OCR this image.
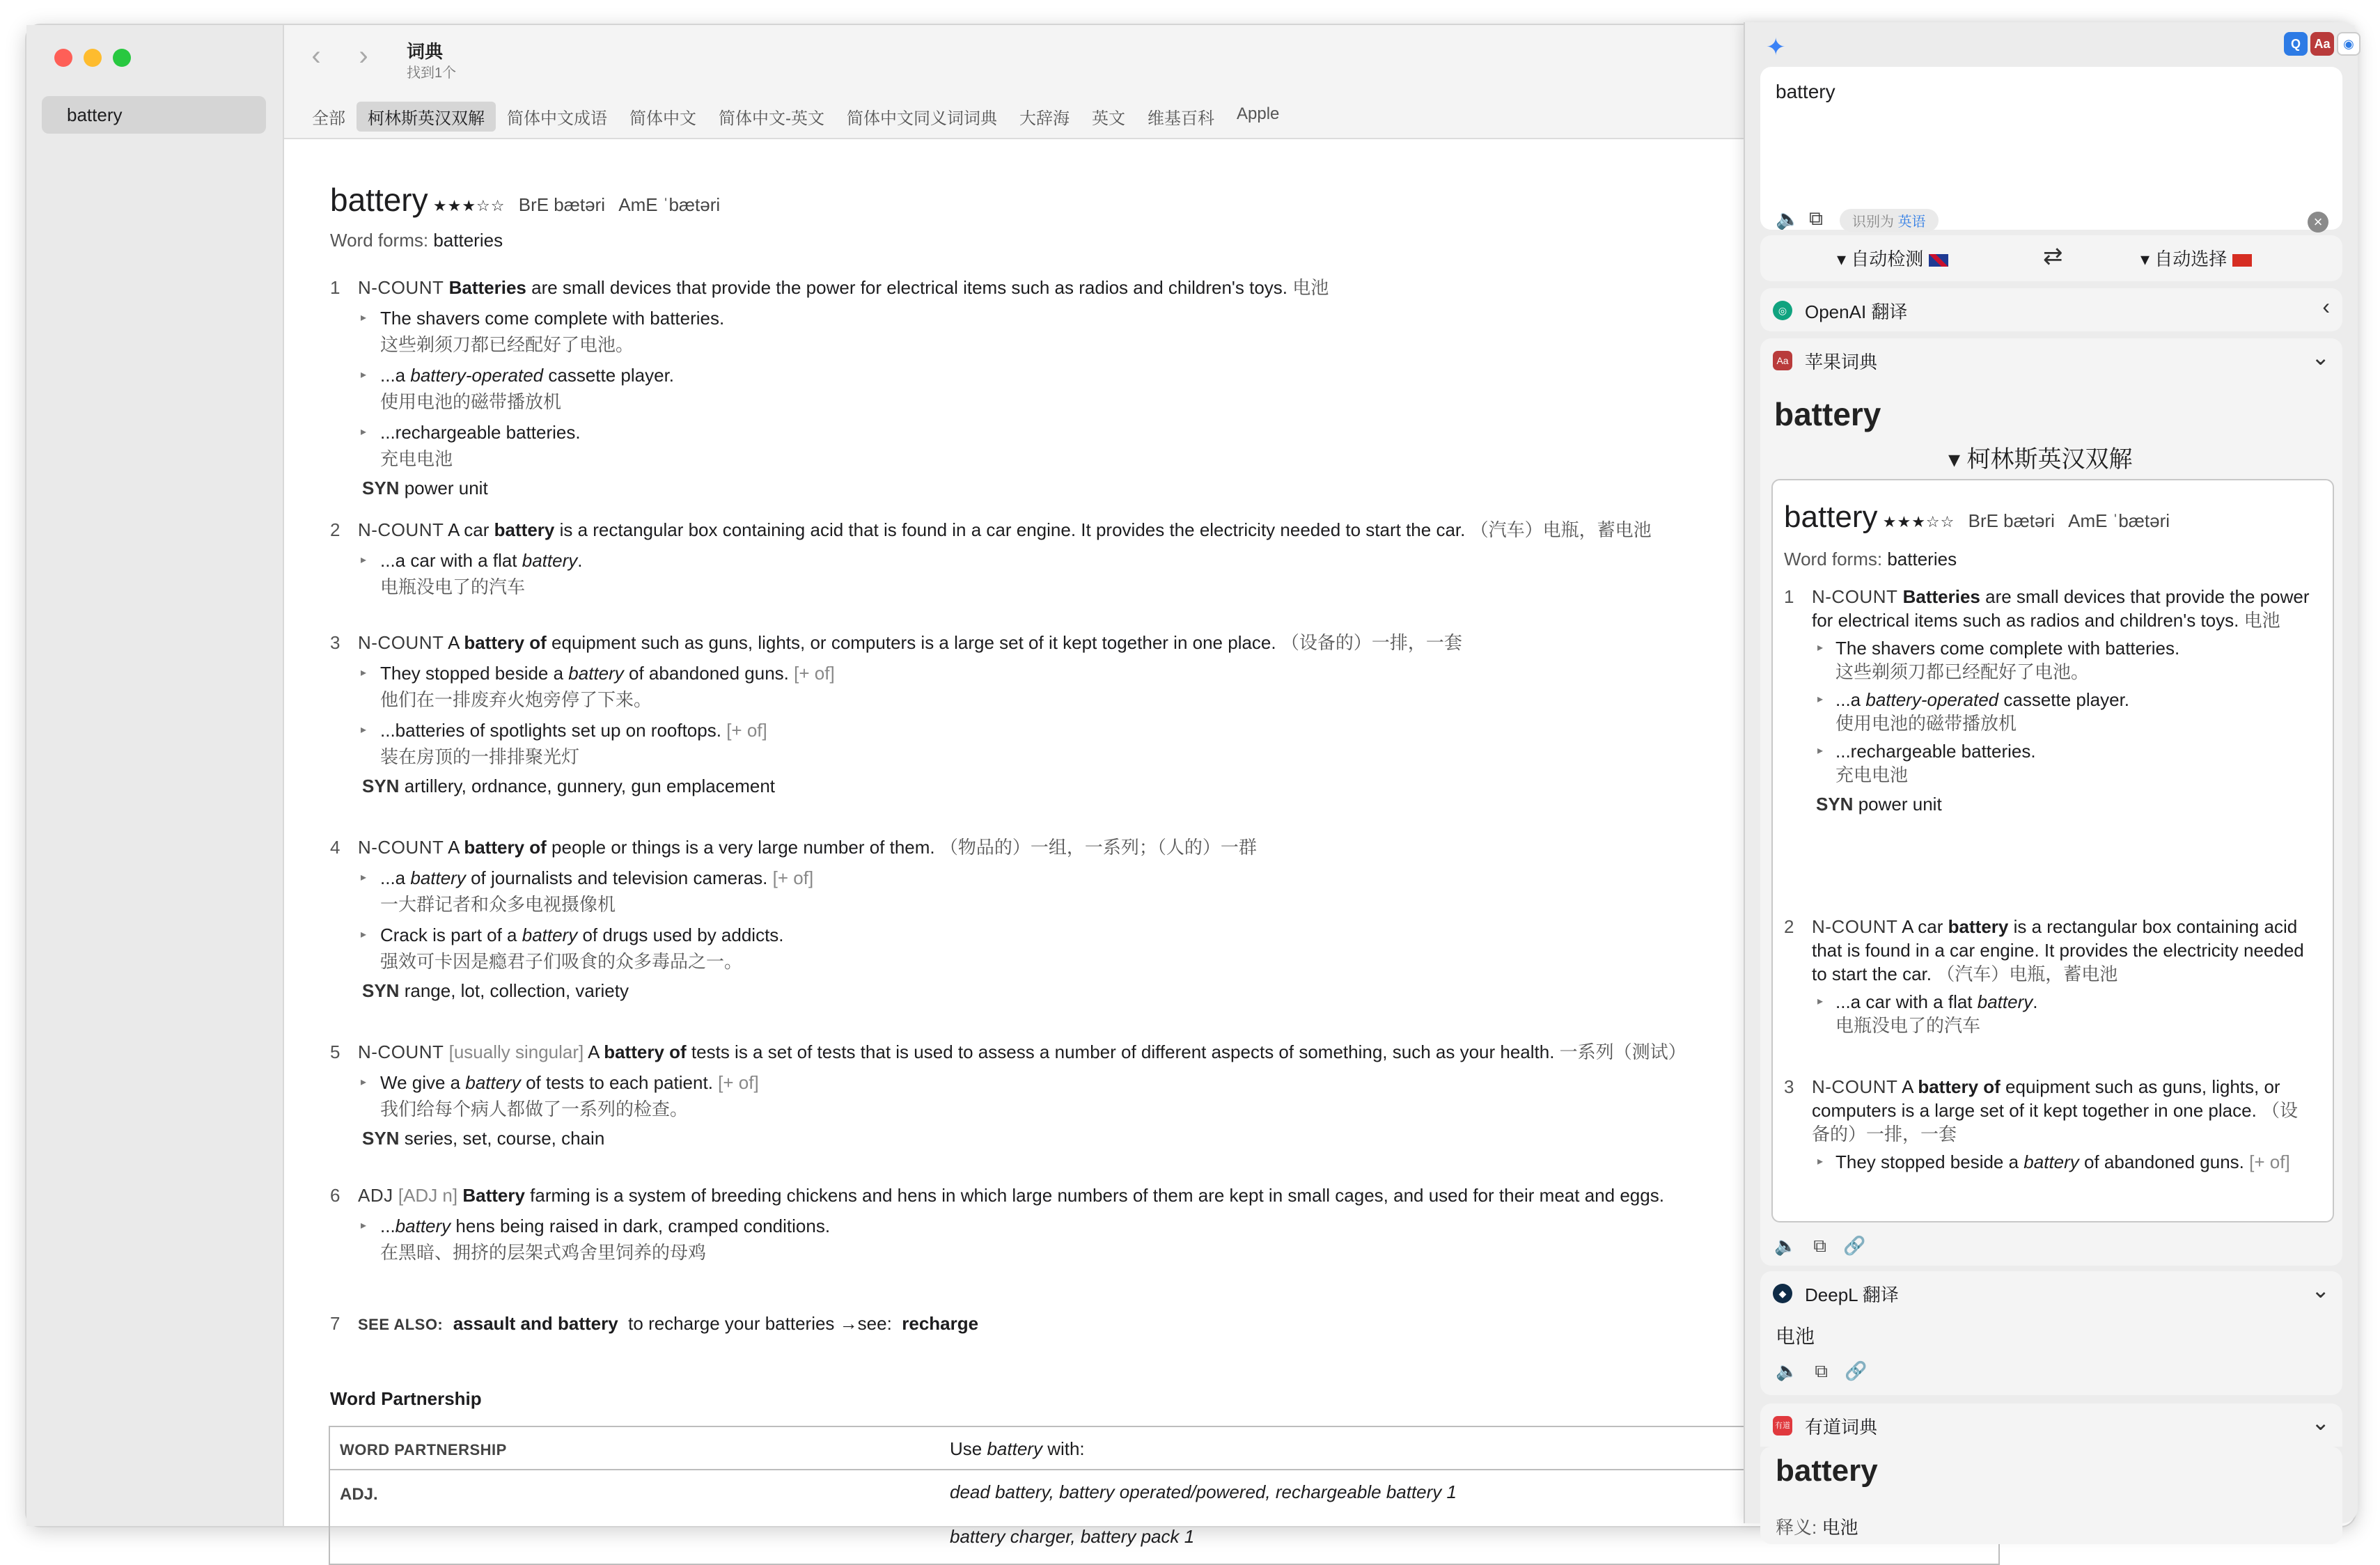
battery
‹	›	词典
找到1个
全部	柯林斯英汉双解	简体中文成语	简体中文	简体中文-英文	简体中文同义词词典	大辞海	英文	维基百科	Apple
battery ★★★☆☆ BrE bætəri AmE ˈbætəri
Word forms: batteries
1 N-COUNT Batteries are small devices that provide the power for electrical items such as radios and children's toys. 电池
▸ The shavers come complete with batteries.
这些剃须刀都已经配好了电池。
▸ ...a battery-operated cassette player.
使用电池的磁带播放机
▸ ...rechargeable batteries.
充电电池
SYN power unit
2 N-COUNT A car battery is a rectangular box containing acid that is found in a car engine. It provides the electricity needed to start the car. （汽车）电瓶，蓄电池
▸ ...a car with a flat battery.
电瓶没电了的汽车
3 N-COUNT A battery of equipment such as guns, lights, or computers is a large set of it kept together in one place. （设备的）一排，一套
▸ They stopped beside a battery of abandoned guns. [+ of]
他们在一排废弃火炮旁停了下来。
▸ ...batteries of spotlights set up on rooftops. [+ of]
装在房顶的一排排聚光灯
SYN artillery, ordnance, gunnery, gun emplacement
4 N-COUNT A battery of people or things is a very large number of them. （物品的）一组，一系列；（人的）一群
▸ ...a battery of journalists and television cameras. [+ of]
一大群记者和众多电视摄像机
▸ Crack is part of a battery of drugs used by addicts.
强效可卡因是瘾君子们吸食的众多毒品之一。
SYN range, lot, collection, variety
5 N-COUNT [usually singular] A battery of tests is a set of tests that is used to assess a number of different aspects of something, such as your health. 一系列（测试）
▸ We give a battery of tests to each patient. [+ of]
我们给每个病人都做了一系列的检查。
SYN series, set, course, chain
6 ADJ [ADJ n] Battery farming is a system of breeding chickens and hens in which large numbers of them are kept in small cages, and used for their meat and eggs.
▸ ...battery hens being raised in dark, cramped conditions.
在黑暗、拥挤的层架式鸡舍里饲养的母鸡
7 SEE ALSO: assault and battery to recharge your batteries →see: recharge
Word Partnership
WORD PARTNERSHIP	Use battery with:
ADJ.	dead battery, battery operated/powered, rechargeable battery 1
battery charger, battery pack 1
✦	Q	Aa	◉
battery
🔈 ⧉	识别为 英语	×
▾ 自动检测	⇄	▾ 自动选择
◎ OpenAI 翻译	‹
Aa 苹果词典	⌄
battery
▾ 柯林斯英汉双解
battery ★★★☆☆ BrE bætəri AmE ˈbætəri
Word forms: batteries
1 N-COUNT Batteries are small devices that provide the power for electrical items such as radios and children's toys. 电池
▸ The shavers come complete with batteries.
这些剃须刀都已经配好了电池。
▸ ...a battery-operated cassette player.
使用电池的磁带播放机
▸ ...rechargeable batteries.
充电电池
SYN power unit
2 N-COUNT A car battery is a rectangular box containing acid that is found in a car engine. It provides the electricity needed to start the car. （汽车）电瓶，蓄电池
▸ ...a car with a flat battery.
电瓶没电了的汽车
3 N-COUNT A battery of equipment such as guns, lights, or computers is a large set of it kept together in one place. （设备的）一排，一套
▸ They stopped beside a battery of abandoned guns. [+ of]
🔈 ⧉ 🔗
◆	DeepL 翻译	⌄
电池
🔈 ⧉ 🔗
有道 有道词典	⌄
battery
释义: 电池
